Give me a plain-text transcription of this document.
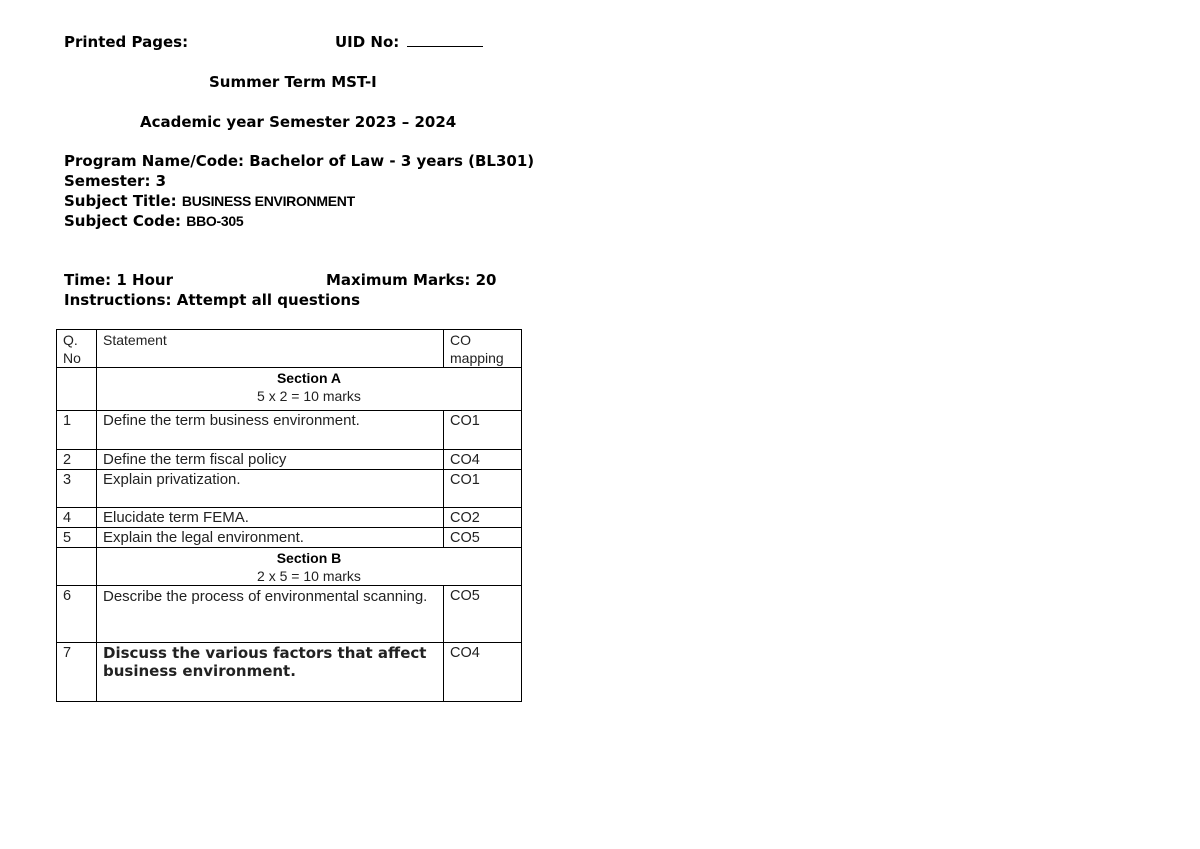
Printed Pages:	UID No:
Summer Term MST-I
Academic year Semester 2023 – 2024
Program Name/Code: Bachelor of Law - 3 years (BL301)
Semester: 3
Subject Title: BUSINESS ENVIRONMENT
Subject Code: BBO-305
Time: 1 Hour	Maximum Marks: 20
Instructions: Attempt all questions
Q. No	Statement	CO mapping

	Section A
5 x 2 = 10 marks	
1	Define the term business environment.	CO1
2	Define the term fiscal policy	CO4
3	Explain privatization.	CO1
4	Elucidate term FEMA.	CO2
5	Explain the legal environment.	CO5

	Section B
2 x 5 = 10 marks	
6	Describe the process of environmental scanning.	CO5
7	Discuss the various factors that affect business environment.	CO4
